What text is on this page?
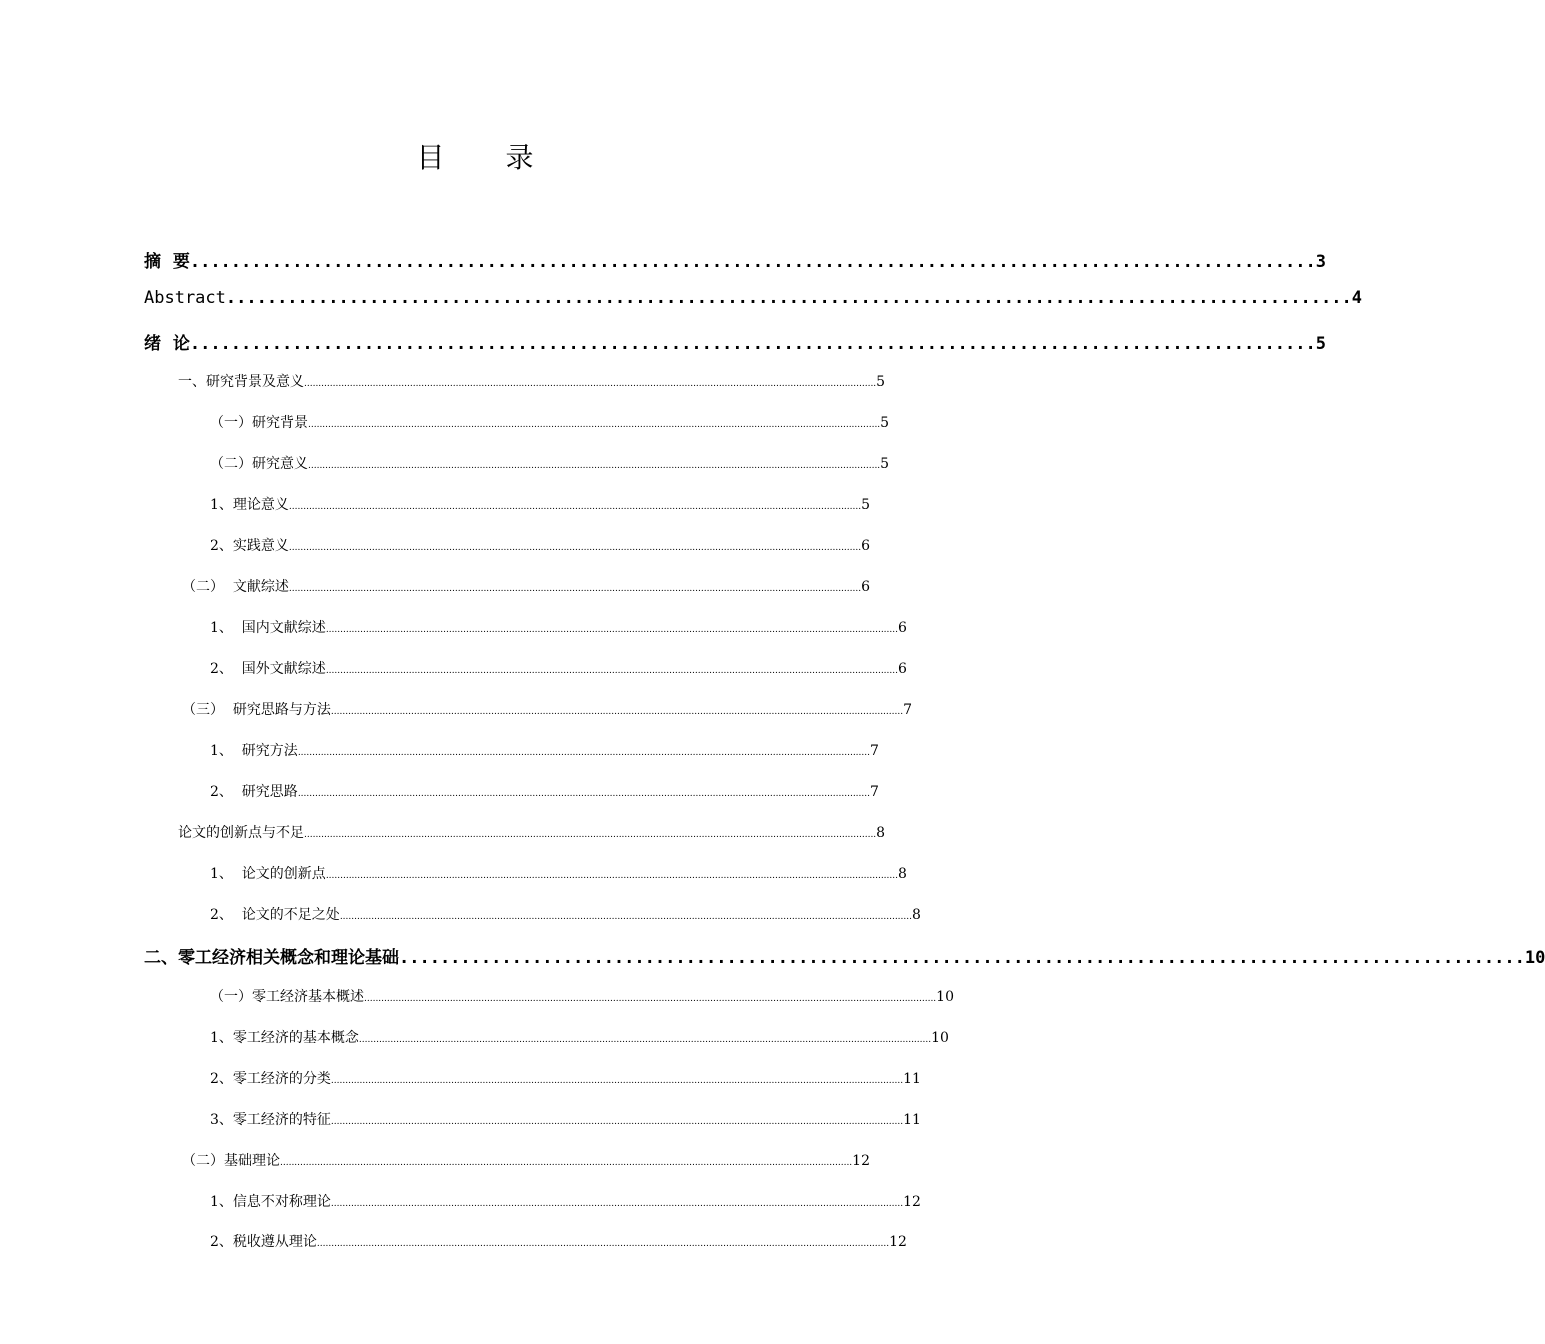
目 录
摘  要 .............................................................................................................. 3
Abstract .............................................................................................................. 4
绪  论 .............................................................................................................. 5
一、研究背景及意义 ........................................................................................................................................................................................................ 5
（一）研究背景 ........................................................................................................................................................................................................ 5
（二）研究意义 ........................................................................................................................................................................................................ 5
1、理论意义 ........................................................................................................................................................................................................ 5
2、实践意义 ........................................................................................................................................................................................................ 6
（二）  文献综述 ........................................................................................................................................................................................................ 6
1、  国内文献综述 ........................................................................................................................................................................................................ 6
2、  国外文献综述 ........................................................................................................................................................................................................ 6
（三）  研究思路与方法 ........................................................................................................................................................................................................ 7
1、  研究方法 ........................................................................................................................................................................................................ 7
2、  研究思路 ........................................................................................................................................................................................................ 7
论文的创新点与不足 ........................................................................................................................................................................................................ 8
1、  论文的创新点 ........................................................................................................................................................................................................ 8
2、  论文的不足之处 ........................................................................................................................................................................................................ 8
二、零工经济相关概念和理论基础 .............................................................................................................. 10
（一）零工经济基本概述 ........................................................................................................................................................................................................ 10
1、零工经济的基本概念 ........................................................................................................................................................................................................ 10
2、零工经济的分类 ........................................................................................................................................................................................................ 11
3、零工经济的特征 ........................................................................................................................................................................................................ 11
（二）基础理论 ........................................................................................................................................................................................................ 12
1、信息不对称理论 ........................................................................................................................................................................................................ 12
2、税收遵从理论 ........................................................................................................................................................................................................ 12
